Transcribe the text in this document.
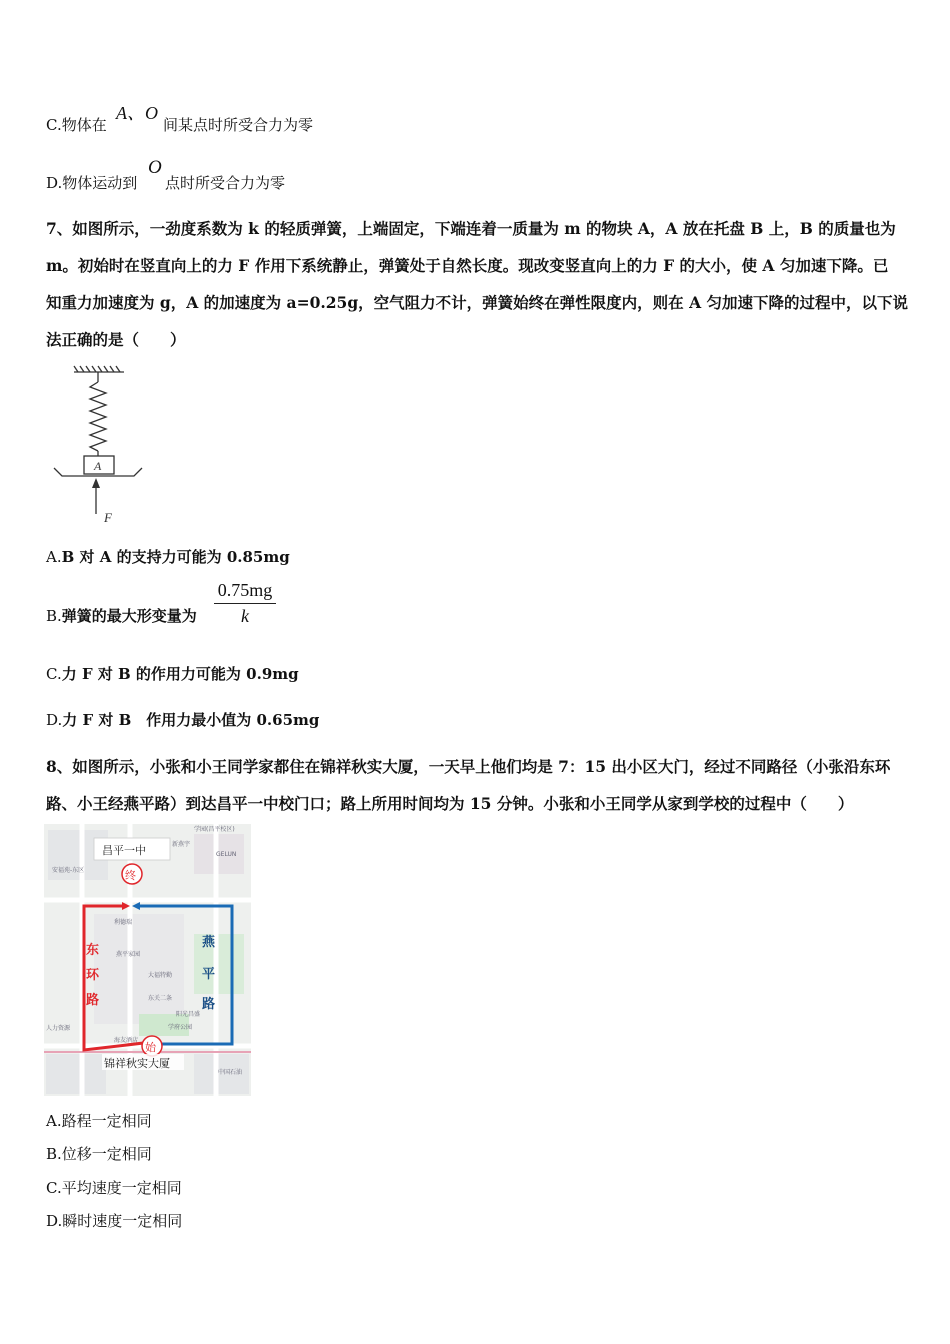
C.物体在
A、O
间某点时所受合力为零
D.物体运动到
O
点时所受合力为零
7、如图所示，一劲度系数为 k 的轻质弹簧，上端固定，下端连着一质量为 m 的物块 A，A 放在托盘 B 上，B 的质量也为
m。初始时在竖直向上的力 F 作用下系统静止，弹簧处于自然长度。现改变竖直向上的力 F 的大小，使 A 匀加速下降。已
知重力加速度为 g，A 的加速度为 a=0.25g，空气阻力不计，弹簧始终在弹性限度内，则在 A 匀加速下降的过程中，以下说
法正确的是（　　）
A
F
A.B 对 A 的支持力可能为 0.85mg
B.弹簧的最大形变量为 $\frac{0.75mg}{k}$
C.力 F 对 B 的作用力可能为 0.9mg
D.力 F 对 B　作用力最小值为 0.65mg
8、如图所示，小张和小王同学家都住在锦祥秋实大厦，一天早上他们均是 7：15 出小区大门，经过不同路径（小张沿东环
路、小王经燕平路）到达昌平一中校门口；路上所用时间均为 15 分钟。小张和小王同学从家到学校的过程中（　　）
学园(昌平校区)
安福苑-东区
新燕宇
燕平家园
大福特勤
东关二条
学府公园
阳光昌盛
海友酒店
GELUN
人力资源
利德瑞
中国石油
昌平一中
终
始
东
环
路
燕
平
路
锦祥秋实大厦
A.路程一定相同
B.位移一定相同
C.平均速度一定相同
D.瞬时速度一定相同
